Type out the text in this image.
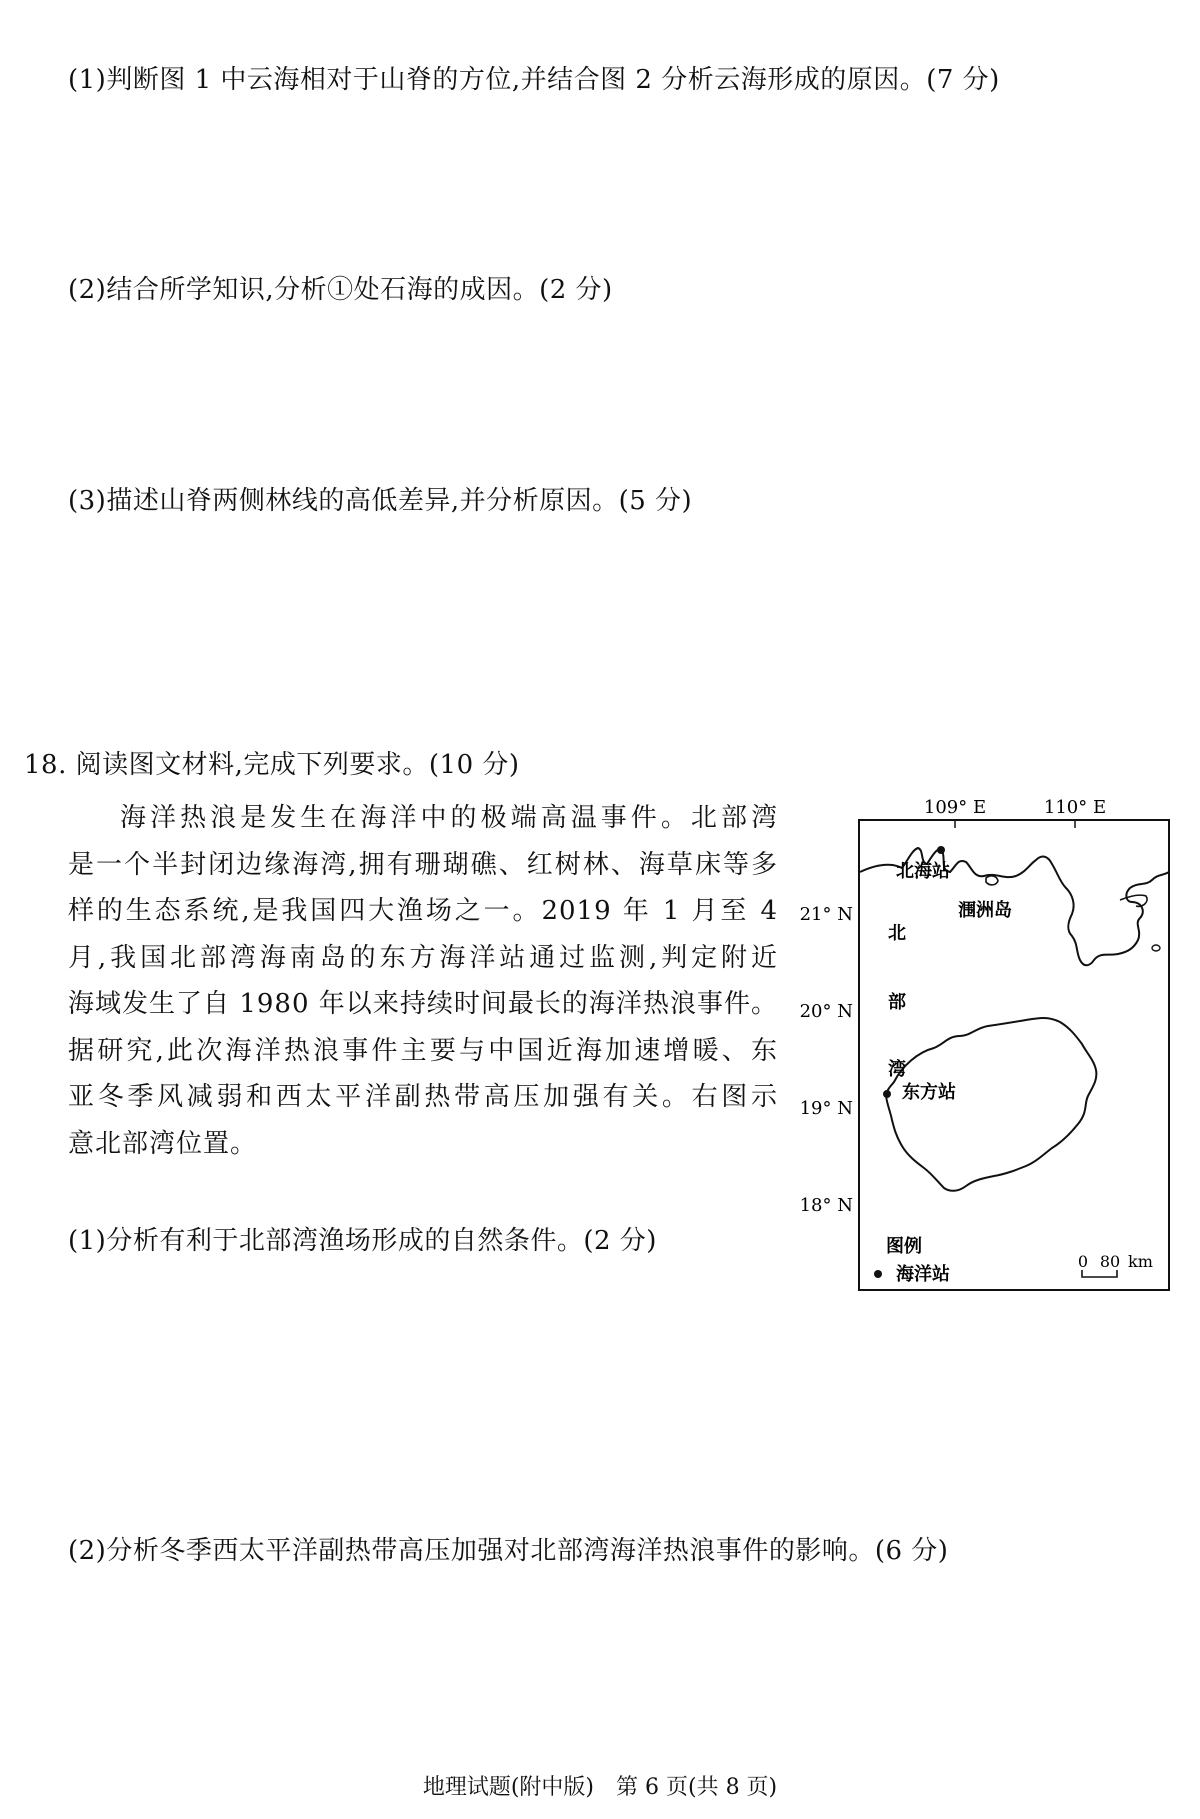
(1)判断图 1 中云海相对于山脊的方位,并结合图 2 分析云海形成的原因。(7 分)
(2)结合所学知识,分析①处石海的成因。(2 分)
(3)描述山脊两侧林线的高低差异,并分析原因。(5 分)
18. 阅读图文材料,完成下列要求。(10 分)
海洋热浪是发生在海洋中的极端高温事件。北部湾
是一个半封闭边缘海湾,拥有珊瑚礁、红树林、海草床等多
样的生态系统,是我国四大渔场之一。2019 年 1 月至 4
月,我国北部湾海南岛的东方海洋站通过监测,判定附近
海域发生了自 1980 年以来持续时间最长的海洋热浪事件。
据研究,此次海洋热浪事件主要与中国近海加速增暖、东
亚冬季风减弱和西太平洋副热带高压加强有关。右图示
意北部湾位置。
(1)分析有利于北部湾渔场形成的自然条件。(2 分)
(2)分析冬季西太平洋副热带高压加强对北部湾海洋热浪事件的影响。(6 分)
109° E	110° E
21° N
20° N
19° N
18° N
北海站
涠洲岛
东方站
北
部
湾
图例
海洋站
0 80 km
地理试题(附中版)　第 6 页(共 8 页)
